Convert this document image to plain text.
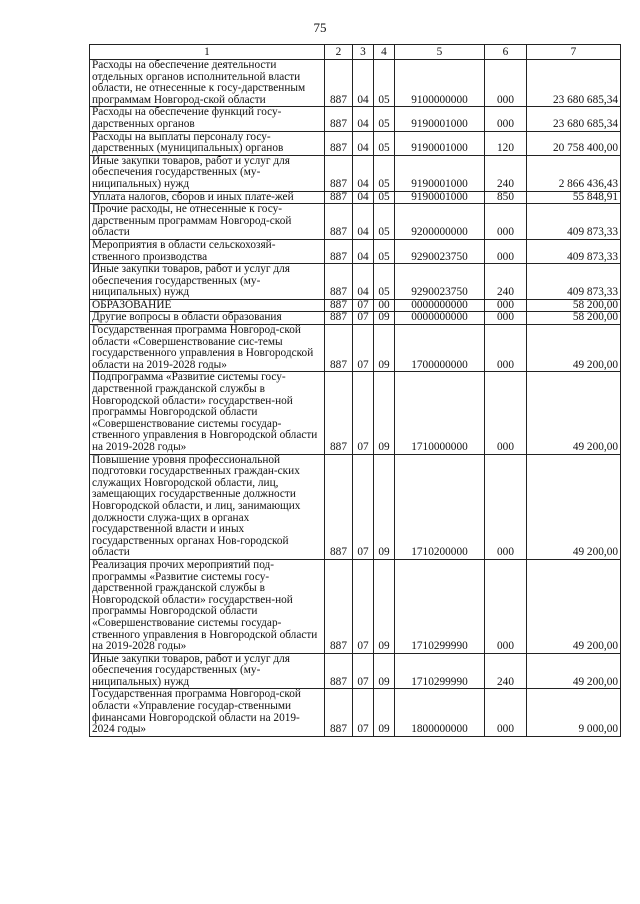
75
1	2	3	4	5	6	7
Расходы на обеспечение деятельности отдельных органов исполнительной власти области, не отнесенные к госу-дарственным программам Новгород-ской области	887	04	05	9100000000	000	23 680 685,34
Расходы на обеспечение функций госу-дарственных органов	887	04	05	9190001000	000	23 680 685,34
Расходы на выплаты персоналу госу-дарственных (муниципальных) органов	887	04	05	9190001000	120	20 758 400,00
Иные закупки товаров, работ и услуг для обеспечения государственных (му-ниципальных) нужд	887	04	05	9190001000	240	2 866 436,43
Уплата налогов, сборов и иных плате-жей	887	04	05	9190001000	850	55 848,91
Прочие расходы, не отнесенные к госу-дарственным программам Новгород-ской области	887	04	05	9200000000	000	409 873,33
Мероприятия в области сельскохозяй-ственного производства	887	04	05	9290023750	000	409 873,33
Иные закупки товаров, работ и услуг для обеспечения государственных (му-ниципальных) нужд	887	04	05	9290023750	240	409 873,33
ОБРАЗОВАНИЕ	887	07	00	0000000000	000	58 200,00
Другие вопросы в области образования	887	07	09	0000000000	000	58 200,00
Государственная программа Новгород-ской области «Совершенствование сис-темы государственного управления в Новгородской области на 2019-2028 годы»	887	07	09	1700000000	000	49 200,00
Подпрограмма «Развитие системы госу-дарственной гражданской службы в Новгородской области» государствен-ной программы Новгородской области «Совершенствование системы государ-ственного управления в Новгородской области на 2019-2028 годы»	887	07	09	1710000000	000	49 200,00
Повышение уровня профессиональной подготовки государственных граждан-ских служащих Новгородской области, лиц, замещающих государственные должности Новгородской области, и лиц, занимающих должности служа-щих в органах государственной власти и иных государственных органах Нов-городской области	887	07	09	1710200000	000	49 200,00
Реализация прочих мероприятий под-программы «Развитие системы госу-дарственной гражданской службы в Новгородской области» государствен-ной программы Новгородской области «Совершенствование системы государ-ственного управления в Новгородской области на 2019-2028 годы»	887	07	09	1710299990	000	49 200,00
Иные закупки товаров, работ и услуг для обеспечения государственных (му-ниципальных) нужд	887	07	09	1710299990	240	49 200,00
Государственная программа Новгород-ской области «Управление государ-ственными финансами Новгородской области на 2019-2024 годы»	887	07	09	1800000000	000	9 000,00
